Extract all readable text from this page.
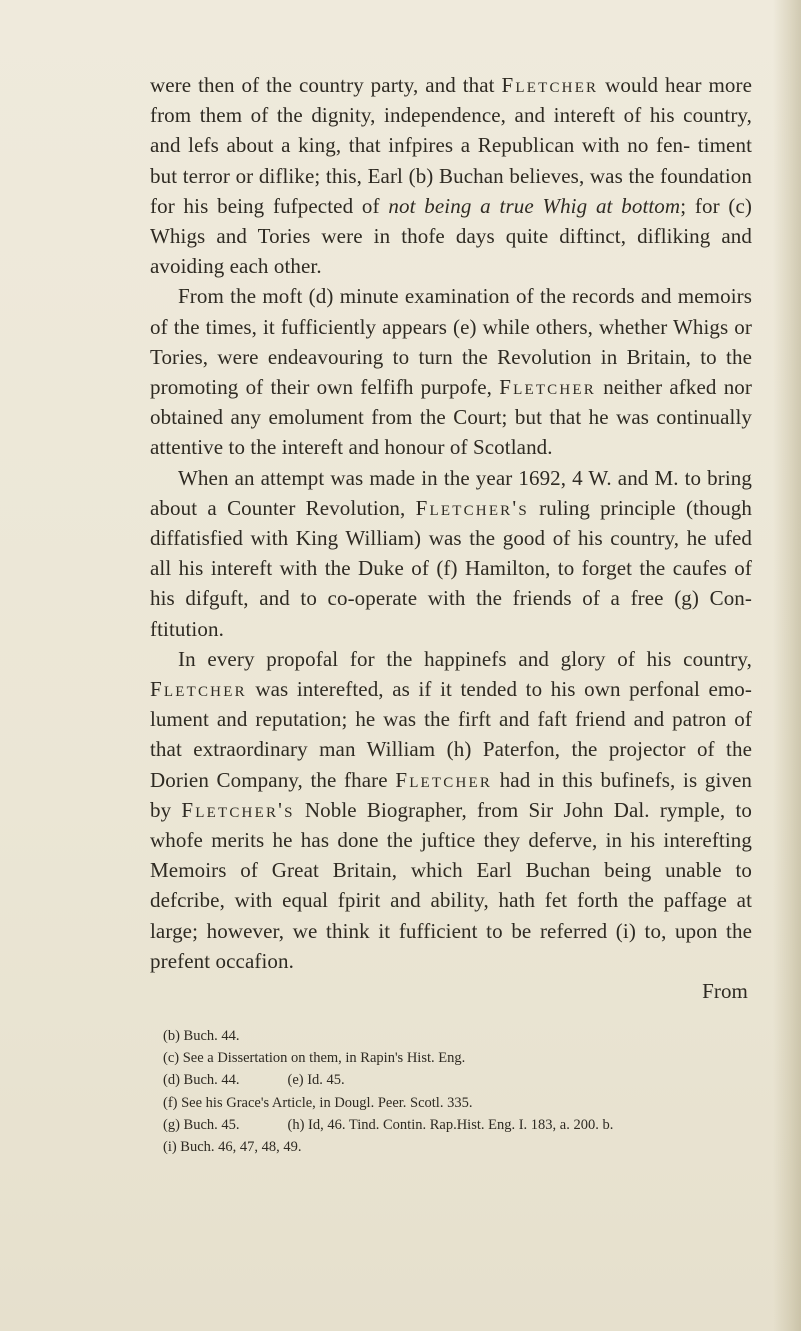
were then of the country party, and that Fletcher would hear more from them of the dignity, independence, and intereft of his country, and lefs about a king, that infpires a Republican with no fen- timent but terror or diflike; this, Earl (b) Buchan believes, was the foundation for his being fufpected of not being a true Whig at bottom; for (c) Whigs and Tories were in thofe days quite diftinct, difliking and avoiding each other.

From the moft (d) minute examination of the records and memoirs of the times, it fufficiently appears (e) while others, whether Whigs or Tories, were endeavouring to turn the Revolution in Britain, to the promoting of their own felfifh purpofe, Fletcher neither afked nor obtained any emolument from the Court; but that he was continually attentive to the intereft and honour of Scotland.

When an attempt was made in the year 1692, 4 W. and M. to bring about a Counter Revolution, Fletcher's ruling principle (though diffatisfied with King William) was the good of his country, he ufed all his intereft with the Duke of (f) Hamilton, to forget the caufes of his difguft, and to co-operate with the friends of a free (g) Con- ftitution.

In every propofal for the happinefs and glory of his country, Fletcher was interefted, as if it tended to his own perfonal emo- lument and reputation; he was the firft and faft friend and patron of that extraordinary man William (h) Paterfon, the projector of the Dorien Company, the fhare Fletcher had in this bufinefs, is given by Fletcher's Noble Biographer, from Sir John Dal. rymple, to whofe merits he has done the juftice they deferve, in his interefting Memoirs of Great Britain, which Earl Buchan being unable to defcribe, with equal fpirit and ability, hath fet forth the paffage at large; however, we think it fufficient to be referred (i) to, upon the prefent occafion.

From

(b) Buch. 44.

(c) See a Dissertation on them, in Rapin's Hist. Eng.

(d) Buch. 44.	(e) Id. 45.

(f) See his Grace's Article, in Dougl. Peer. Scotl. 335.

(g) Buch. 45.	(h) Id, 46. Tind. Contin. Rap.Hist. Eng. I. 183, a. 200. b.

(i) Buch. 46, 47, 48, 49.
